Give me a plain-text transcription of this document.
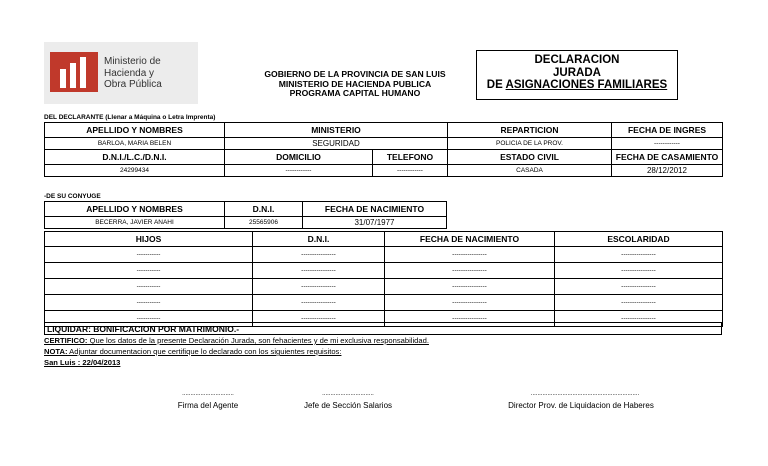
Ministerio de
Hacienda y
Obra Pública
GOBIERNO DE LA PROVINCIA DE SAN LUIS
MINISTERIO DE HACIENDA PUBLICA
PROGRAMA CAPITAL HUMANO
DECLARACION
JURADA
DE ASIGNACIONES FAMILIARES
DEL DECLARANTE (Llenar a Máquina o Letra Imprenta)
APELLIDO Y NOMBRES	MINISTERIO		REPARTICION	FECHA DE INGRES
BARLOA, MARIA BELEN	SEGURIDAD		POLICIA DE LA PROV.	------------
D.N.I./L.C./D.N.I.	DOMICILIO	TELEFONO	ESTADO CIVIL	FECHA DE CASAMIENTO
24299434	------------	------------	CASADA	28/12/2012
-DE SU CONYUGE
APELLIDO Y NOMBRES	D.N.I.	FECHA DE NACIMIENTO
BECERRA, JAVIER ANAHI	25565906	31/07/1977
HIJOS	D.N.I.	FECHA DE NACIMIENTO	ESCOLARIDAD
-----------	----------------	----------------	----------------
-----------	----------------	----------------	----------------
-----------	----------------	----------------	----------------
-----------	----------------	----------------	----------------
-----------	----------------	----------------	----------------
LIQUIDAR: BONIFICACION POR MATRIMONIO.-
CERTIFICO: Que los datos de la presente Declaración Jurada, son fehacientes y de mi exclusiva responsabilidad.
NOTA: Adjuntar documentacion que certifique lo declarado con los siguientes requisitos:
San Luis : 22/04/2013
...............................	...............................	.................................................................
Firma del Agente	Jefe de Sección Salarios	Director Prov. de Liquidacion de Haberes
